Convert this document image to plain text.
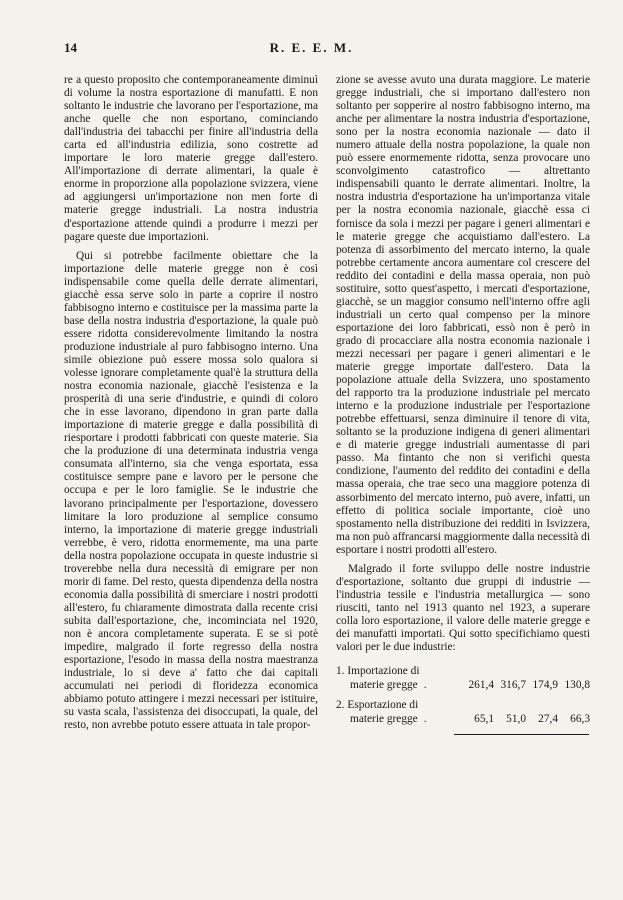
14	R. E. E. M.

re a questo proposito che contemporaneamente diminuì di volume la nostra esportazione di manufatti. E non soltanto le industrie che lavorano per l'esportazione, ma anche quelle che non esportano, cominciando dall'industria dei tabacchi per finire all'industria della carta ed all'industria edilizia, sono costrette ad importare le loro materie gregge dall'estero. All'importazione di derrate alimentari, la quale è enorme in proporzione alla popolazione svizzera, viene ad aggiungersi un'importazione non men forte di materie gregge industriali. La nostra industria d'esportazione attende quindi a produrre i mezzi per pagare queste due importazioni.

Qui si potrebbe facilmente obiettare che la importazione delle materie gregge non è così indispensabile come quella delle derrate alimentari, giacchè essa serve solo in parte a coprire il nostro fabbisogno interno e costituisce per la massima parte la base della nostra industria d'esportazione, la quale può essere ridotta considerevolmente limitando la nostra produzione industriale al puro fabbisogno interno. Una simile obiezione può essere mossa solo qualora si volesse ignorare completamente qual'è la struttura della nostra economia nazionale, giacchè l'esistenza e la prosperità di una serie d'industrie, e quindi di coloro che in esse lavorano, dipendono in gran parte dalla importazione di materie gregge e dalla possibilità di riesportare i prodotti fabbricati con queste materie. Sia che la produzione di una determinata industria venga consumata all'interno, sia che venga esportata, essa costituisce sempre pane e lavoro per le persone che occupa e per le loro famiglie. Se le industrie che lavorano principalmente per l'esportazione, dovessero limitare la loro produzione al semplice consumo interno, la importazione di materie gregge industriali verrebbe, è vero, ridotta enormemente, ma una parte della nostra popolazione occupata in queste industrie si troverebbe nella dura necessità di emigrare per non morir di fame. Del resto, questa dipendenza della nostra economia dalla possibilità di smerciare i nostri prodotti all'estero, fu chiaramente dimostrata dalla recente crisi subita dall'esportazione, che, incominciata nel 1920, non è ancora completamente superata. E se si potè impedire, malgrado il forte regresso della nostra esportazione, l'esodo in massa della nostra maestranza industriale, lo si deve a' fatto che dai capitali accumulati nei periodi di floridezza economica abbiamo potuto attingere i mezzi necessari per istituire, su vasta scala, l'assistenza dei disoccupati, la quale, del resto, non avrebbe potuto essere attuata in tale propor-

zione se avesse avuto una durata maggiore. Le materie gregge industriali, che si importano dall'estero non soltanto per sopperire al nostro fabbisogno interno, ma anche per alimentare la nostra industria d'esportazione, sono per la nostra economia nazionale — dato il numero attuale della nostra popolazione, la quale non può essere enormemente ridotta, senza provocare uno sconvolgimento catastrofico — altrettanto indispensabili quanto le derrate alimentari. Inoltre, la nostra industria d'esportazione ha un'importanza vitale per la nostra economia nazionale, giacchè essa ci fornisce da sola i mezzi per pagare i generi alimentari e le materie gregge che acquistiamo dall'estero. La potenza di assorbimento del mercato interno, la quale potrebbe certamente ancora aumentare col crescere del reddito dei contadini e della massa operaia, non può sostituire, sotto quest'aspetto, i mercati d'esportazione, giacchè, se un maggior consumo nell'interno offre agli industriali un certo qual compenso per la minore esportazione dei loro fabbricati, essò non è però in grado di procacciare alla nostra economia nazionale i mezzi necessari per pagare i generi alimentari e le materie gregge importate dall'estero. Data la popolazione attuale della Svizzera, uno spostamento del rapporto tra la produzione industriale pel mercato interno e la produzione industriale per l'esportazione potrebbe effettuarsi, senza diminuire il tenore di vita, soltanto se la produzione indigena di generi alimentari e di materie gregge industriali aumentasse di pari passo. Ma fintanto che non si verifichi questa condizione, l'aumento del reddito dei contadini e della massa operaia, che trae seco una maggiore potenza di assorbimento del mercato interno, può avere, infatti, un effetto di politica sociale importante, cioè uno spostamento nella distribuzione dei redditi in Isvizzera, ma non può affrancarsi maggiormente dalla necessità di esportare i nostri prodotti all'estero.

Malgrado il forte sviluppo delle nostre industrie d'esportazione, soltanto due gruppi di industrie — l'industria tessile e l'industria metallurgica — sono riusciti, tanto nel 1913 quanto nel 1923, a superare colla loro esportazione, il valore delle materie gregge e dei manufatti importati. Qui sotto specifichiamo questi valori per le due industrie:

1. Importazione di
materie gregge .	261,4 316,7 174,9 130,8
2. Esportazione di
materie gregge .	65,1	51,0	27,4	66,3
